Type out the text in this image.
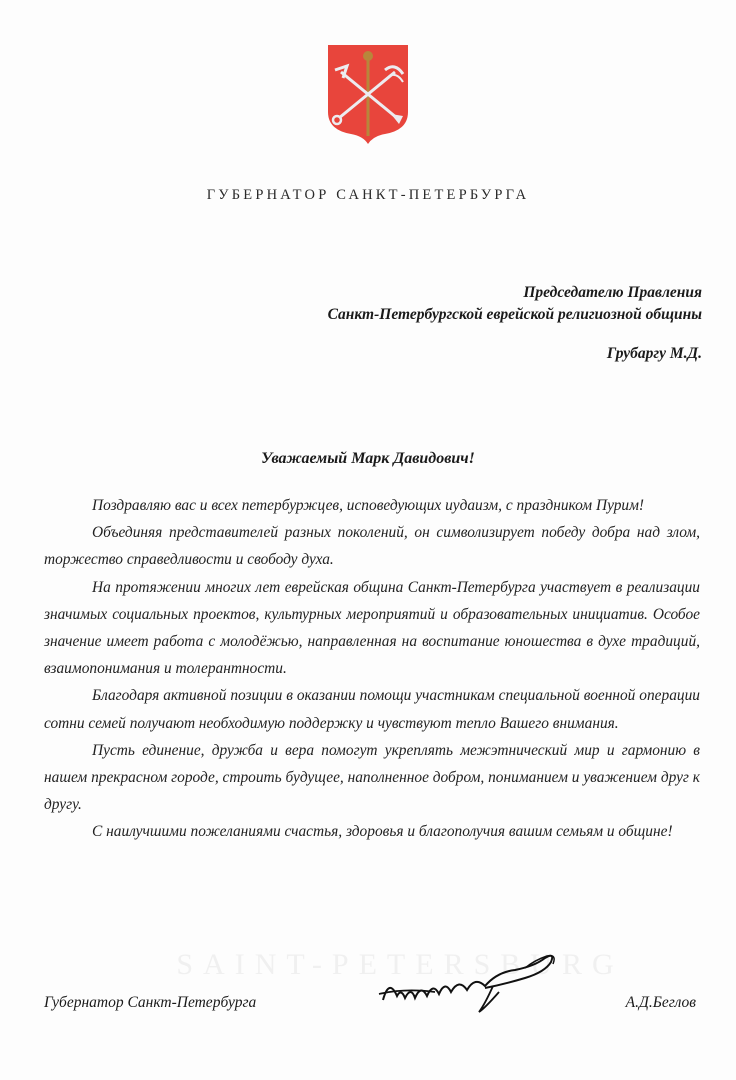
ГУБЕРНАТОР САНКТ-ПЕТЕРБУРГА
Председателю Правления
Санкт-Петербургской еврейской религиозной общины
Грубаргу М.Д.
Уважаемый Марк Давидович!

Поздравляю вас и всех петербуржцев, исповедующих иудаизм, с праздником Пурим!

Объединяя представителей разных поколений, он символизирует победу добра над злом, торжество справедливости и свободу духа.

На протяжении многих лет еврейская община Санкт-Петербурга участвует в реализации значимых социальных проектов, культурных мероприятий и образовательных инициатив. Особое значение имеет работа с молодёжью, направленная на воспитание юношества в духе традиций, взаимопонимания и толерантности.

Благодаря активной позиции в оказании помощи участникам специальной военной операции сотни семей получают необходимую поддержку и чувствуют тепло Вашего внимания.

Пусть единение, дружба и вера помогут укреплять межэтнический мир и гармонию в нашем прекрасном городе, строить будущее, наполненное добром, пониманием и уважением друг к другу.

С наилучшими пожеланиями счастья, здоровья и благополучия вашим семьям и общине!

SAINT-PETERSBURG
Губернатор Санкт-Петербурга	А.Д.Беглов
